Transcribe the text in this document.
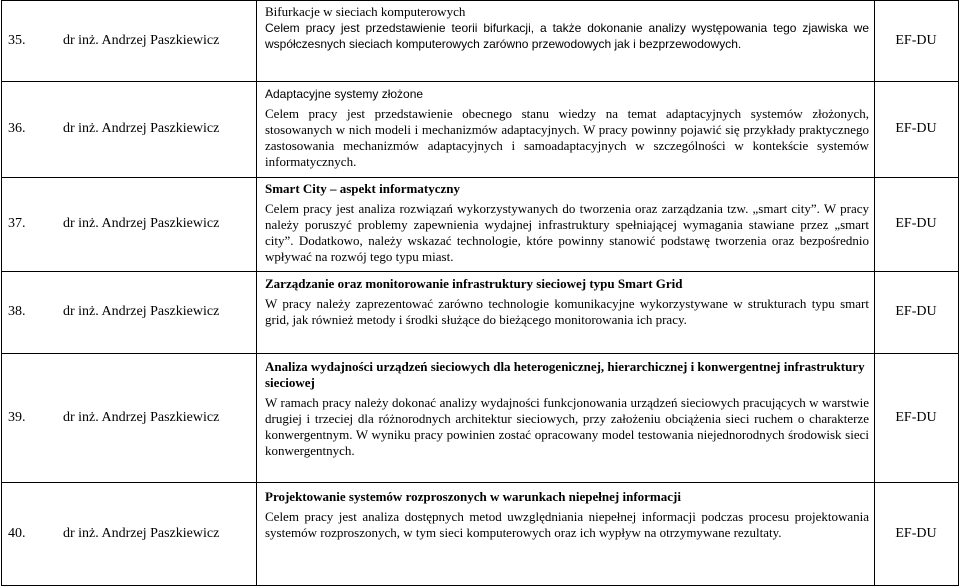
35.	dr inż. Andrzej Paszkiewicz
Bifurkacje w sieciach komputerowych
Celem pracy jest przedstawienie teorii bifurkacji, a także dokonanie analizy występowania tego zjawiska we współczesnych sieciach komputerowych zarówno przewodowych jak i bezprzewodowych.	EF-DU
36.	dr inż. Andrzej Paszkiewicz
Adaptacyjne systemy złożone
Celem pracy jest przedstawienie obecnego stanu wiedzy na temat adaptacyjnych systemów złożonych, stosowanych w nich modeli i mechanizmów adaptacyjnych. W pracy powinny pojawić się przykłady praktycznego zastosowania mechanizmów adaptacyjnych i samoadaptacyjnych w szczególności w kontekście systemów informatycznych.
EF-DU
37.	dr inż. Andrzej Paszkiewicz
Smart City – aspekt informatyczny
Celem pracy jest analiza rozwiązań wykorzystywanych do tworzenia oraz zarządzania tzw. „smart city”. W pracy należy poruszyć problemy zapewnienia wydajnej infrastruktury spełniającej wymagania stawiane przez „smart city”. Dodatkowo, należy wskazać technologie, które powinny stanowić podstawę tworzenia oraz bezpośrednio wpływać na rozwój tego typu miast.
EF-DU
38.	dr inż. Andrzej Paszkiewicz
Zarządzanie oraz monitorowanie infrastruktury sieciowej typu Smart Grid
W pracy należy zaprezentować zarówno technologie komunikacyjne wykorzystywane w strukturach typu smart grid, jak również metody i środki służące do bieżącego monitorowania ich pracy.
EF-DU
39.	dr inż. Andrzej Paszkiewicz
Analiza wydajności urządzeń sieciowych dla heterogenicznej, hierarchicznej i konwergentnej infrastruktury sieciowej
W ramach pracy należy dokonać analizy wydajności funkcjonowania urządzeń sieciowych pracujących w warstwie drugiej i trzeciej dla różnorodnych architektur sieciowych, przy założeniu obciążenia sieci ruchem o charakterze konwergentnym. W wyniku pracy powinien zostać opracowany model testowania niejednorodnych środowisk sieci konwergentnych.
EF-DU
40.	dr inż. Andrzej Paszkiewicz
Projektowanie systemów rozproszonych w warunkach niepełnej informacji
Celem pracy jest analiza dostępnych metod uwzględniania niepełnej informacji podczas procesu projektowania systemów rozproszonych, w tym sieci komputerowych oraz ich wypływ na otrzymywane rezultaty.	EF-DU
